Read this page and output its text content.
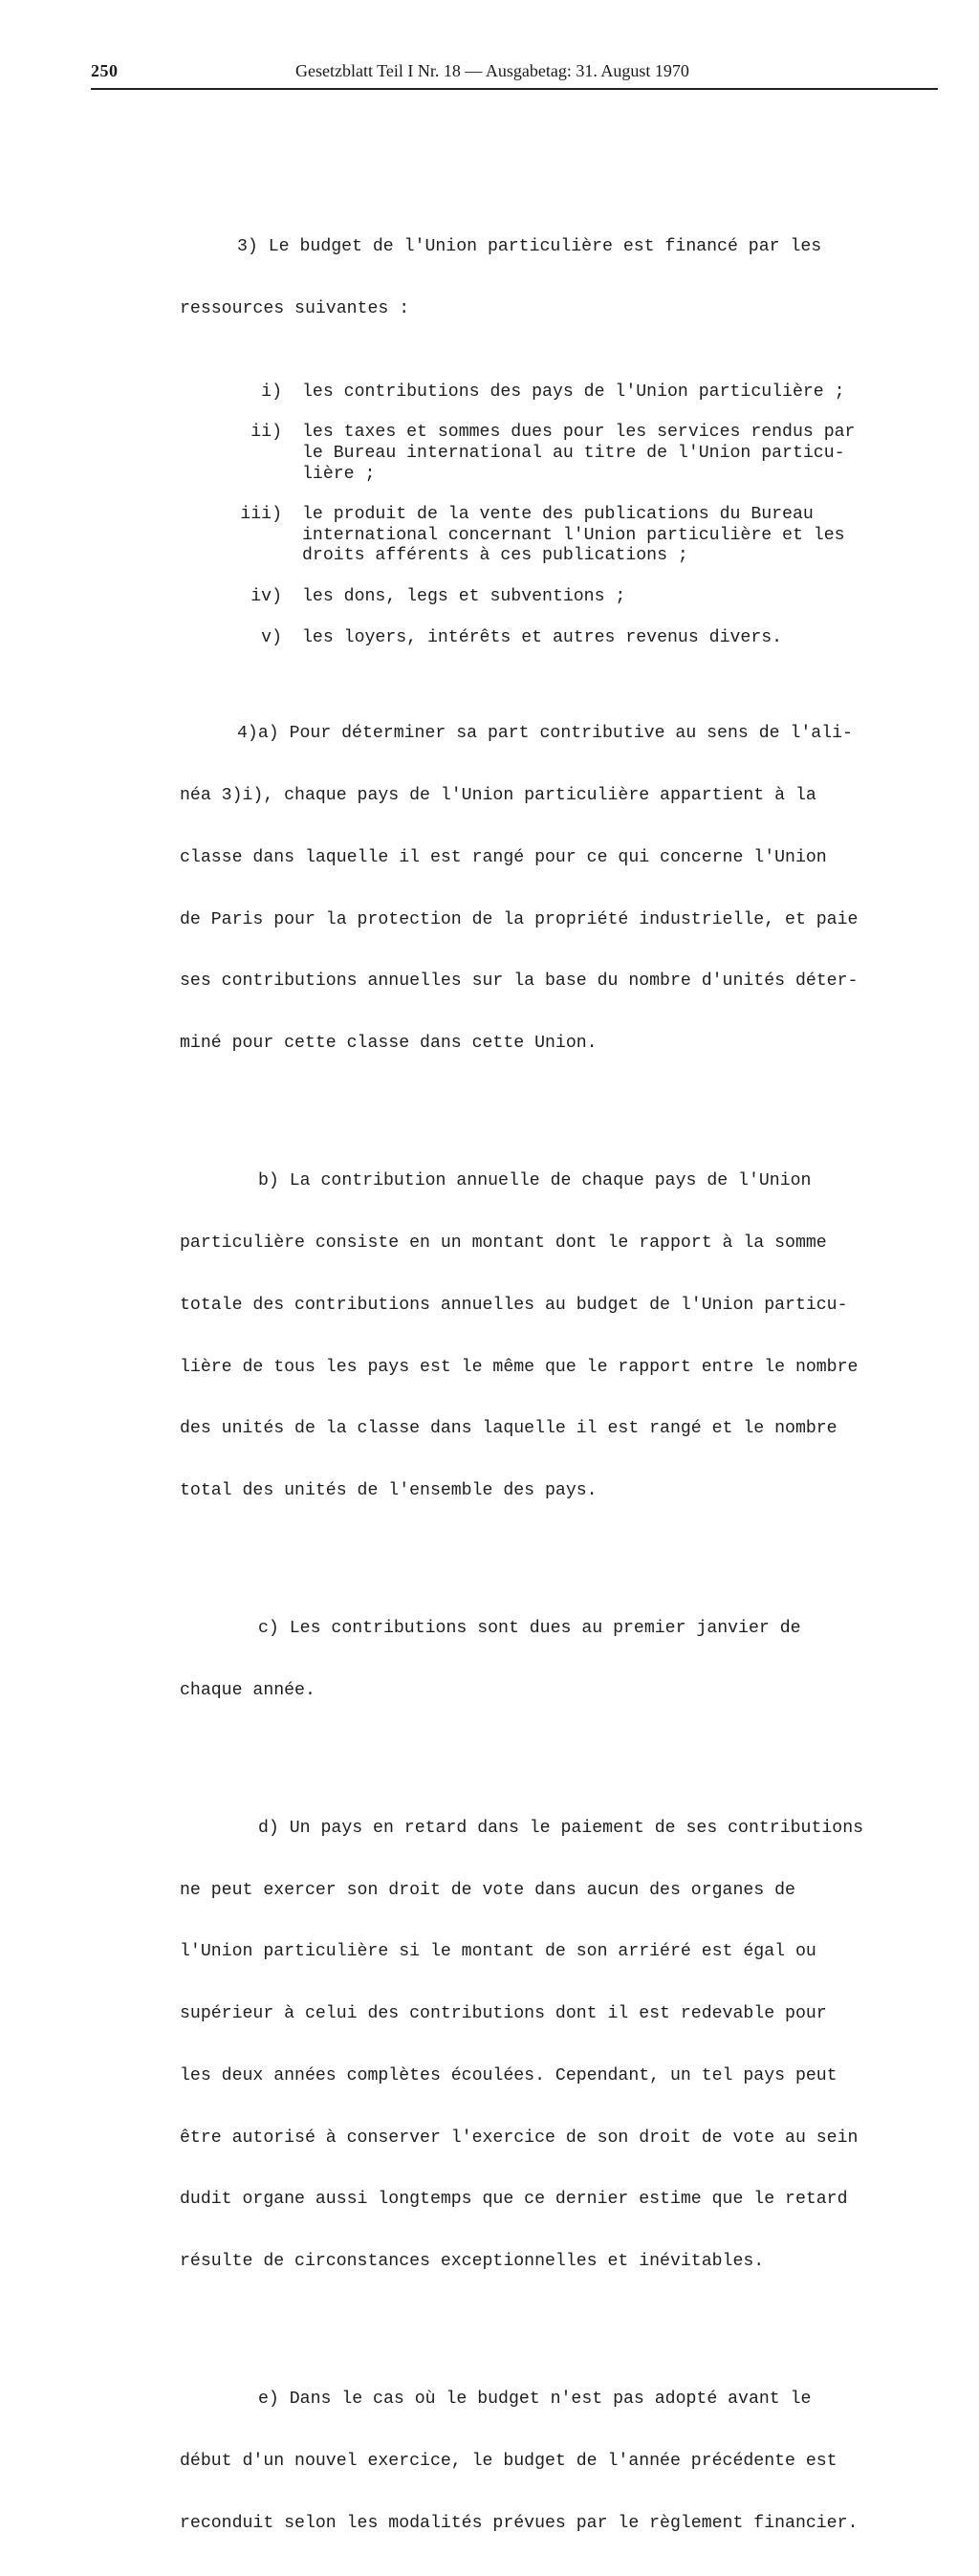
250	Gesetzblatt Teil I Nr. 18 — Ausgabetag: 31. August 1970

3) Le budget de l'Union particulière est financé par les

ressources suivantes :

i) les contributions des pays de l'Union particulière ;
ii) les taxes et sommes dues pour les services rendus par
le Bureau international au titre de l'Union particu-
lière ;
iii) le produit de la vente des publications du Bureau
international concernant l'Union particulière et les
droits afférents à ces publications ;
iv) les dons, legs et subventions ;
v) les loyers, intérêts et autres revenus divers.

4)a) Pour déterminer sa part contributive au sens de l'ali-

néa 3)i), chaque pays de l'Union particulière appartient à la

classe dans laquelle il est rangé pour ce qui concerne l'Union

de Paris pour la protection de la propriété industrielle, et paie

ses contributions annuelles sur la base du nombre d'unités déter-

miné pour cette classe dans cette Union.

b) La contribution annuelle de chaque pays de l'Union

particulière consiste en un montant dont le rapport à la somme

totale des contributions annuelles au budget de l'Union particu-

lière de tous les pays est le même que le rapport entre le nombre

des unités de la classe dans laquelle il est rangé et le nombre

total des unités de l'ensemble des pays.

c) Les contributions sont dues au premier janvier de

chaque année.

d) Un pays en retard dans le paiement de ses contributions

ne peut exercer son droit de vote dans aucun des organes de

l'Union particulière si le montant de son arriéré est égal ou

supérieur à celui des contributions dont il est redevable pour

les deux années complètes écoulées. Cependant, un tel pays peut

être autorisé à conserver l'exercice de son droit de vote au sein

dudit organe aussi longtemps que ce dernier estime que le retard

résulte de circonstances exceptionnelles et inévitables.

e) Dans le cas où le budget n'est pas adopté avant le

début d'un nouvel exercice, le budget de l'année précédente est

reconduit selon les modalités prévues par le règlement financier.
